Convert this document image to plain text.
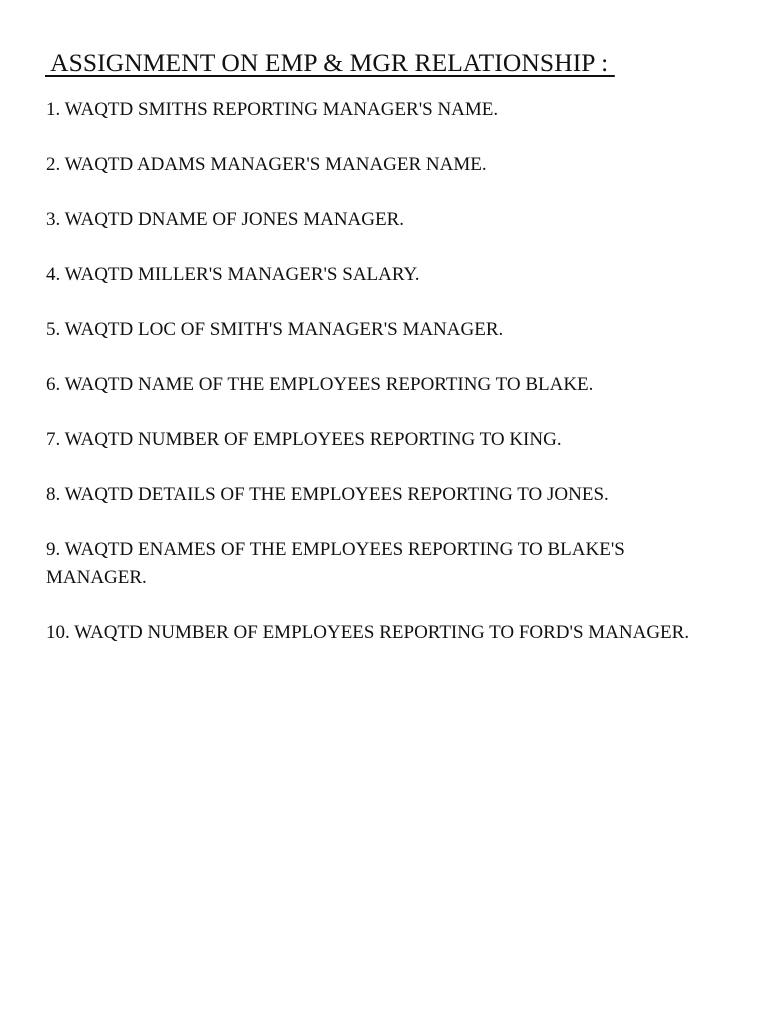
ASSIGNMENT ON EMP & MGR RELATIONSHIP :
1. WAQTD SMITHS REPORTING MANAGER'S NAME.
2. WAQTD ADAMS MANAGER'S MANAGER NAME.
3. WAQTD DNAME OF JONES MANAGER.
4. WAQTD MILLER'S MANAGER'S SALARY.
5. WAQTD LOC OF SMITH'S MANAGER'S MANAGER.
6. WAQTD NAME OF THE EMPLOYEES REPORTING TO BLAKE.
7. WAQTD NUMBER OF EMPLOYEES REPORTING TO KING.
8. WAQTD DETAILS OF THE EMPLOYEES REPORTING TO JONES.
9. WAQTD ENAMES OF THE EMPLOYEES REPORTING TO BLAKE'S MANAGER.
10. WAQTD NUMBER OF EMPLOYEES REPORTING TO FORD'S MANAGER.
